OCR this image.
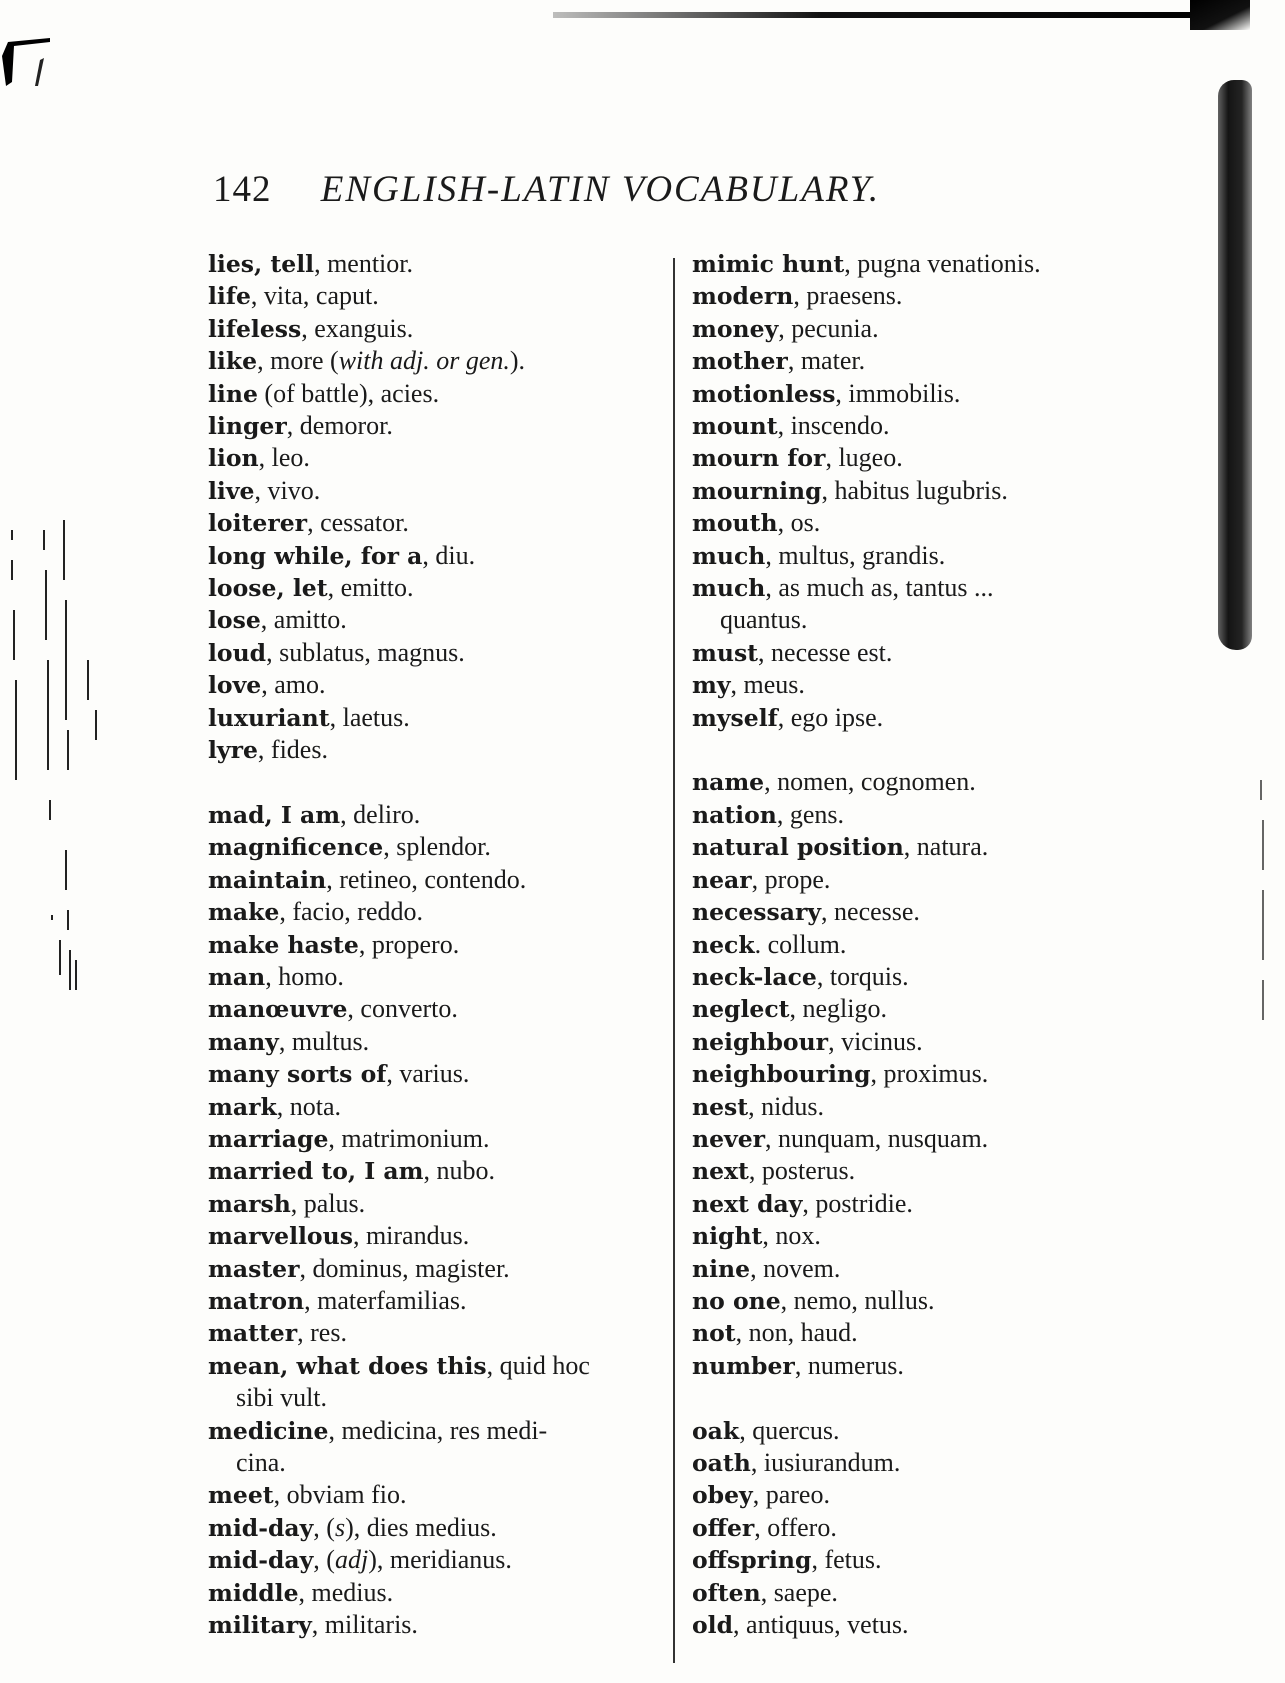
142 ENGLISH-LATIN VOCABULARY.
lies, tell, mentior.
life, vita, caput.
lifeless, exanguis.
like, more (with adj. or gen.).
line (of battle), acies.
linger, demoror.
lion, leo.
live, vivo.
loiterer, cessator.
long while, for a, diu.
loose, let, emitto.
lose, amitto.
loud, sublatus, magnus.
love, amo.
luxuriant, laetus.
lyre, fides.
mad, I am, deliro.
magnificence, splendor.
maintain, retineo, contendo.
make, facio, reddo.
make haste, propero.
man, homo.
manœuvre, converto.
many, multus.
many sorts of, varius.
mark, nota.
marriage, matrimonium.
married to, I am, nubo.
marsh, palus.
marvellous, mirandus.
master, dominus, magister.
matron, materfamilias.
matter, res.
mean, what does this, quid hoc
sibi vult.
medicine, medicina, res medi-
cina.
meet, obviam fio.
mid-day, (s), dies medius.
mid-day, (adj), meridianus.
middle, medius.
military, militaris.
mimic hunt, pugna venationis.
modern, praesens.
money, pecunia.
mother, mater.
motionless, immobilis.
mount, inscendo.
mourn for, lugeo.
mourning, habitus lugubris.
mouth, os.
much, multus, grandis.
much, as much as, tantus ...
quantus.
must, necesse est.
my, meus.
myself, ego ipse.
name, nomen, cognomen.
nation, gens.
natural position, natura.
near, prope.
necessary, necesse.
neck. collum.
neck-lace, torquis.
neglect, negligo.
neighbour, vicinus.
neighbouring, proximus.
nest, nidus.
never, nunquam, nusquam.
next, posterus.
next day, postridie.
night, nox.
nine, novem.
no one, nemo, nullus.
not, non, haud.
number, numerus.
oak, quercus.
oath, iusiurandum.
obey, pareo.
offer, offero.
offspring, fetus.
often, saepe.
old, antiquus, vetus.
